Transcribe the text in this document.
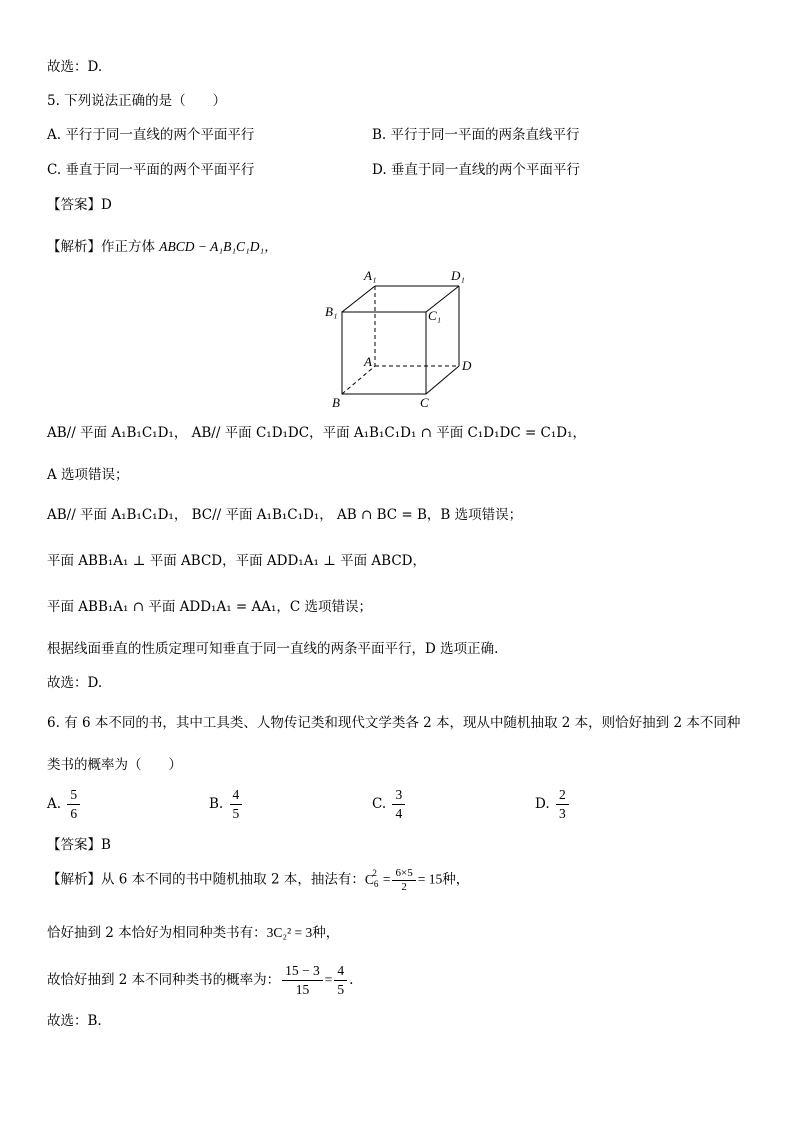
故选：D.
5. 下列说法正确的是（　　）
A. 平行于同一直线的两个平面平行	B. 平行于同一平面的两条直线平行
C. 垂直于同一平面的两个平面平行	D. 垂直于同一直线的两个平面平行
【答案】D
【解析】作正方体 ABCD − A₁B₁C₁D₁，
A₁	D₁
B₁	C₁
A	D
B	C
AB// 平面 A₁B₁C₁D₁， AB// 平面 C₁D₁DC，平面 A₁B₁C₁D₁ ∩ 平面 C₁D₁DC = C₁D₁，
A 选项错误；
AB// 平面 A₁B₁C₁D₁， BC// 平面 A₁B₁C₁D₁， AB ∩ BC = B，B 选项错误；
平面 ABB₁A₁ ⊥ 平面 ABCD，平面 ADD₁A₁ ⊥ 平面 ABCD，
平面 ABB₁A₁ ∩ 平面 ADD₁A₁ = AA₁，C 选项错误；
根据线面垂直的性质定理可知垂直于同一直线的两条平面平行，D 选项正确.
故选：D.
6. 有 6 本不同的书，其中工具类、人物传记类和现代文学类各 2 本，现从中随机抽取 2 本，则恰好抽到 2 本不同种
类书的概率为（　　）
A. $\frac{5}{6}$	B. $\frac{4}{5}$	C. $\frac{3}{4}$	D. $\frac{2}{3}$
【答案】B
【解析】从 6 本不同的书中随机抽取 2 本，抽法有：$C_6^2 = \frac{6\times 5}{2} = 15$种，
恰好抽到 2 本恰好为相同种类书有：3C₂² = 3种，
故恰好抽到 2 本不同种类书的概率为： $\frac{15 - 3}{15} = \frac{4}{5}$ .
故选：B.
